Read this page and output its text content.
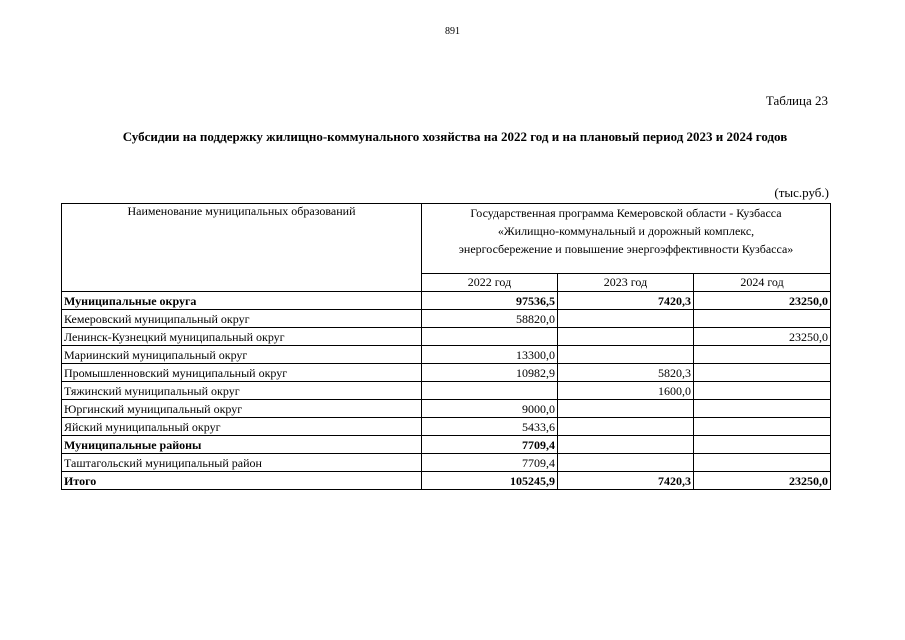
891
Таблица 23
Субсидии на поддержку жилищно-коммунального хозяйства на 2022 год и на плановый период 2023 и 2024 годов
(тыс.руб.)
Наименование муниципальных образований	Государственная программа Кемеровской области - Кузбасса
«Жилищно-коммунальный и дорожный комплекс,
энергосбережение и повышение энергоэффективности Кузбасса»		

	2022 год	2023 год	2024 год
Муниципальные округа	97536,5	7420,3	23250,0
Кемеровский муниципальный округ	58820,0		
Ленинск-Кузнецкий муниципальный округ			23250,0
Мариинский муниципальный округ	13300,0		
Промышленновский муниципальный округ	10982,9	5820,3	
Тяжинский муниципальный округ		1600,0	
Юргинский муниципальный округ	9000,0		
Яйский муниципальный округ	5433,6		
Муниципальные районы	7709,4		
Таштагольский муниципальный район	7709,4		
Итого	105245,9	7420,3	23250,0
